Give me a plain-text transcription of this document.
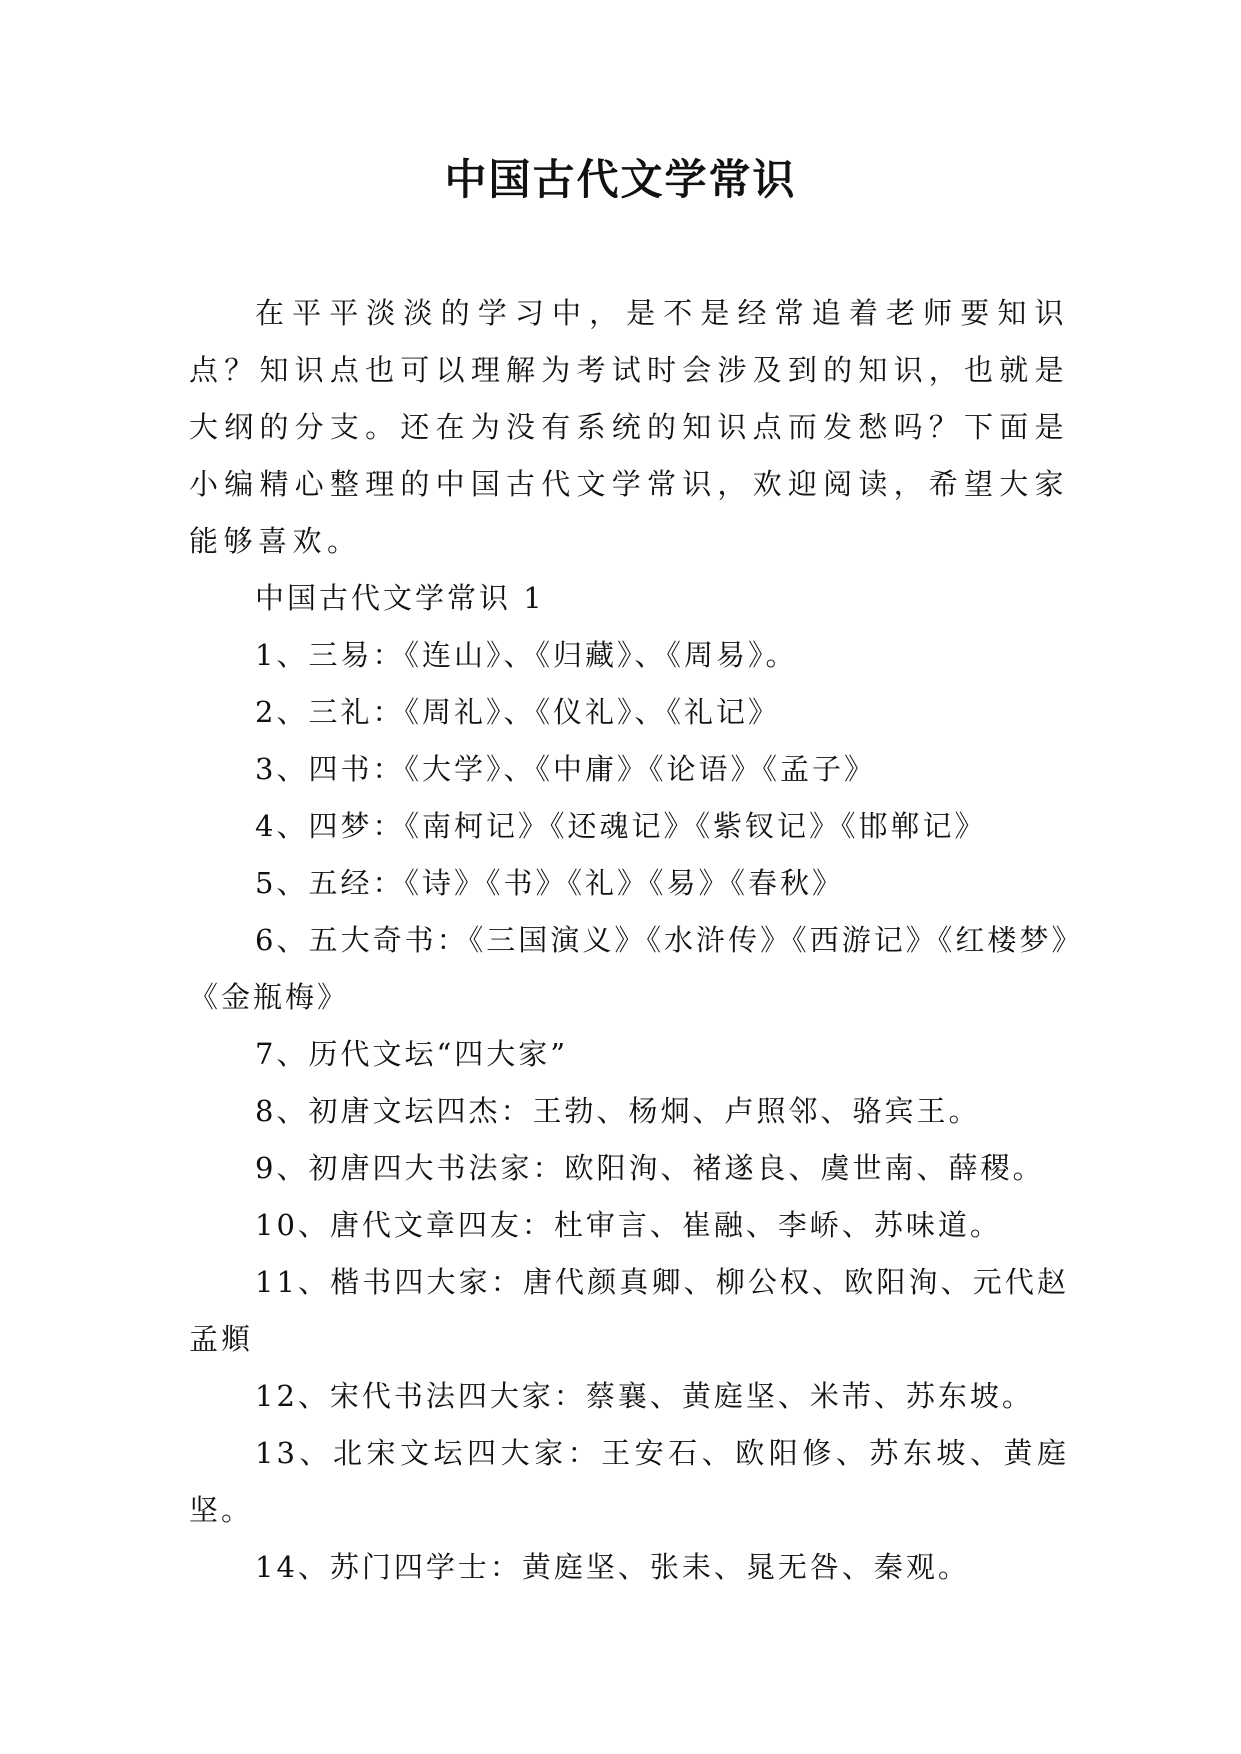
中国古代文学常识

在平平淡淡的学习中，是不是经常追着老师要知识点？知识点也可以理解为考试时会涉及到的知识，也就是大纲的分支。还在为没有系统的知识点而发愁吗？下面是小编精心整理的中国古代文学常识，欢迎阅读，希望大家能够喜欢。

中国古代文学常识 1

1、三易：《连山》、《归藏》、《周易》。

2、三礼：《周礼》、《仪礼》、《礼记》

3、四书：《大学》、《中庸》《论语》《孟子》

4、四梦：《南柯记》《还魂记》《紫钗记》《邯郸记》

5、五经：《诗》《书》《礼》《易》《春秋》

6、五大奇书：《三国演义》《水浒传》《西游记》《红楼梦》《金瓶梅》

7、历代文坛“四大家”

8、初唐文坛四杰：王勃、杨炯、卢照邻、骆宾王。

9、初唐四大书法家：欧阳洵、褚遂良、虞世南、薛稷。

10、唐代文章四友：杜审言、崔融、李峤、苏味道。

11、楷书四大家：唐代颜真卿、柳公权、欧阳洵、元代赵孟頫

12、宋代书法四大家：蔡襄、黄庭坚、米芾、苏东坡。

13、北宋文坛四大家：王安石、欧阳修、苏东坡、黄庭坚。

14、苏门四学士：黄庭坚、张耒、晁无咎、秦观。
